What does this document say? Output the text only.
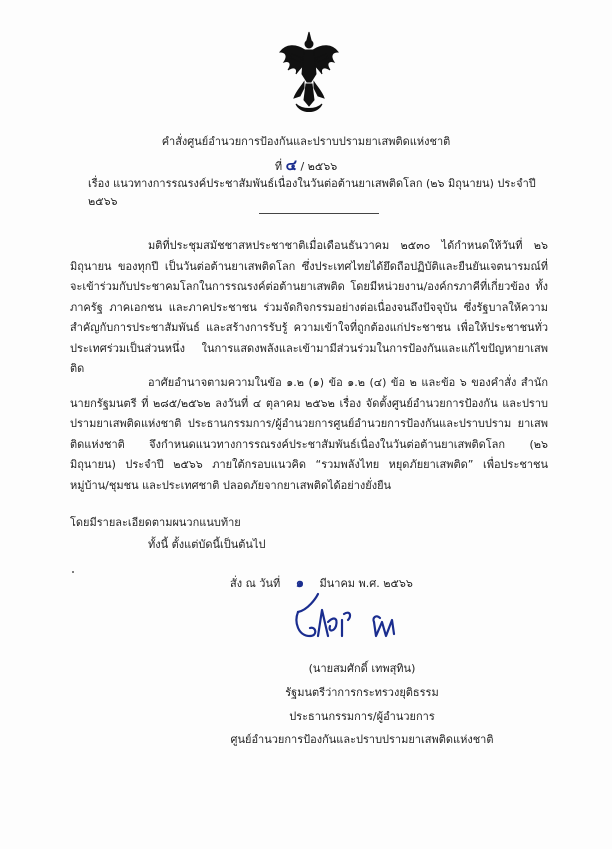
คำสั่งศูนย์อำนวยการป้องกันและปราบปรามยาเสพติดแห่งชาติ
ที่ ๔ / ๒๕๖๖
เรื่อง แนวทางการรณรงค์ประชาสัมพันธ์เนื่องในวันต่อต้านยาเสพติดโลก (๒๖ มิถุนายน) ประจำปี ๒๕๖๖
มติที่ประชุมสมัชชาสหประชาชาติเมื่อเดือนธันวาคม ๒๕๓๐ ได้กำหนดให้วันที่ ๒๖ มิถุนายน ของทุกปี เป็นวันต่อต้านยาเสพติดโลก ซึ่งประเทศไทยได้ยึดถือปฏิบัติและยืนยันเจตนารมณ์ที่จะเข้าร่วมกับประชาคมโลกในการรณรงค์ต่อต้านยาเสพติด โดยมีหน่วยงาน/องค์กรภาคีที่เกี่ยวข้อง ทั้งภาครัฐ ภาคเอกชน และภาคประชาชน ร่วมจัดกิจกรรมอย่างต่อเนื่องจนถึงปัจจุบัน ซึ่งรัฐบาลให้ความสำคัญกับการประชาสัมพันธ์ และสร้างการรับรู้ ความเข้าใจที่ถูกต้องแก่ประชาชน เพื่อให้ประชาชนทั่วประเทศร่วมเป็นส่วนหนึ่ง ในการแสดงพลังและเข้ามามีส่วนร่วมในการป้องกันและแก้ไขปัญหายาเสพติด
อาศัยอำนาจตามความในข้อ ๑.๒ (๑) ข้อ ๑.๒ (๔) ข้อ ๒ และข้อ ๖ ของคำสั่ง สำนักนายกรัฐมนตรี ที่ ๒๘๕/๒๕๖๒ ลงวันที่ ๔ ตุลาคม ๒๕๖๒ เรื่อง จัดตั้งศูนย์อำนวยการป้องกัน และปราบปรามยาเสพติดแห่งชาติ ประธานกรรมการ/ผู้อำนวยการศูนย์อำนวยการป้องกันและปราบปราม ยาเสพติดแห่งชาติ จึงกำหนดแนวทางการรณรงค์ประชาสัมพันธ์เนื่องในวันต่อต้านยาเสพติดโลก (๒๖ มิถุนายน) ประจำปี ๒๕๖๖ ภายใต้กรอบแนวคิด “รวมพลังไทย หยุดภัยยาเสพติด” เพื่อประชาชน หมู่บ้าน/ชุมชน และประเทศชาติ ปลอดภัยจากยาเสพติดได้อย่างยั่งยืน
โดยมีรายละเอียดตามผนวกแนบท้าย
ทั้งนี้ ตั้งแต่บัดนี้เป็นต้นไป
สั่ง ณ วันที่ ๑ มีนาคม พ.ศ. ๒๕๖๖
(นายสมศักดิ์ เทพสุทิน)
รัฐมนตรีว่าการกระทรวงยุติธรรม
ประธานกรรมการ/ผู้อำนวยการ
ศูนย์อำนวยการป้องกันและปราบปรามยาเสพติดแห่งชาติ
